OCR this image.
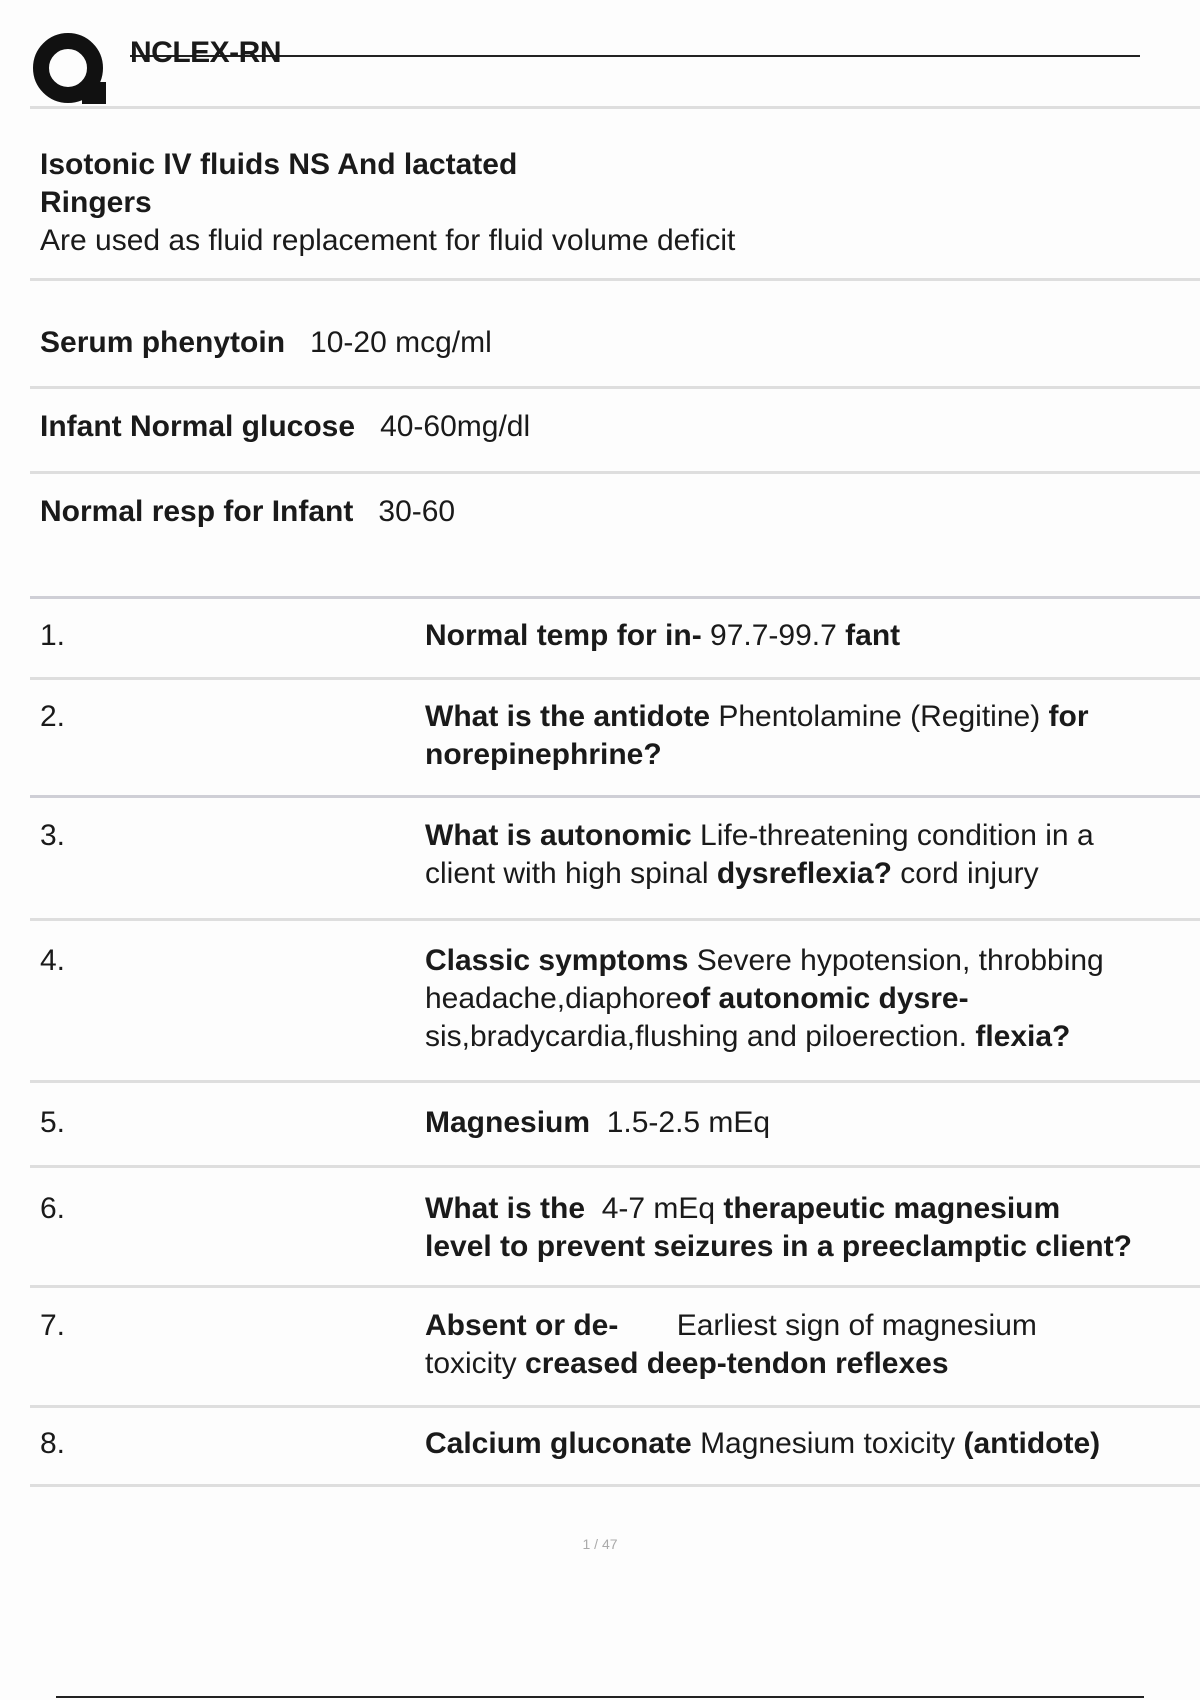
NCLEX-RN
Isotonic IV fluids NS And lactated
Ringers
Are used as fluid replacement for fluid volume deficit
Serum phenytoin 10-20 mcg/ml
Infant Normal glucose 40-60mg/dl
Normal resp for Infant 30-60
1.	Normal temp for in- 97.7-99.7 fant
2.	What is the antidote Phentolamine (Regitine) for
norepinephrine?
3.	What is autonomic Life-threatening condition in a
client with high spinal dysreflexia? cord injury
4.	Classic symptoms Severe hypotension, throbbing
headache,diaphoreof autonomic dysre-
sis,bradycardia,flushing and piloerection. flexia?
5.	Magnesium 1.5-2.5 mEq
6.	What is the 4-7 mEq therapeutic magnesium
level to prevent seizures in a preeclamptic client?
7.	Absent or de- Earliest sign of magnesium
toxicity creased deep-tendon reflexes
8.	Calcium gluconate Magnesium toxicity (antidote)
1 / 47
